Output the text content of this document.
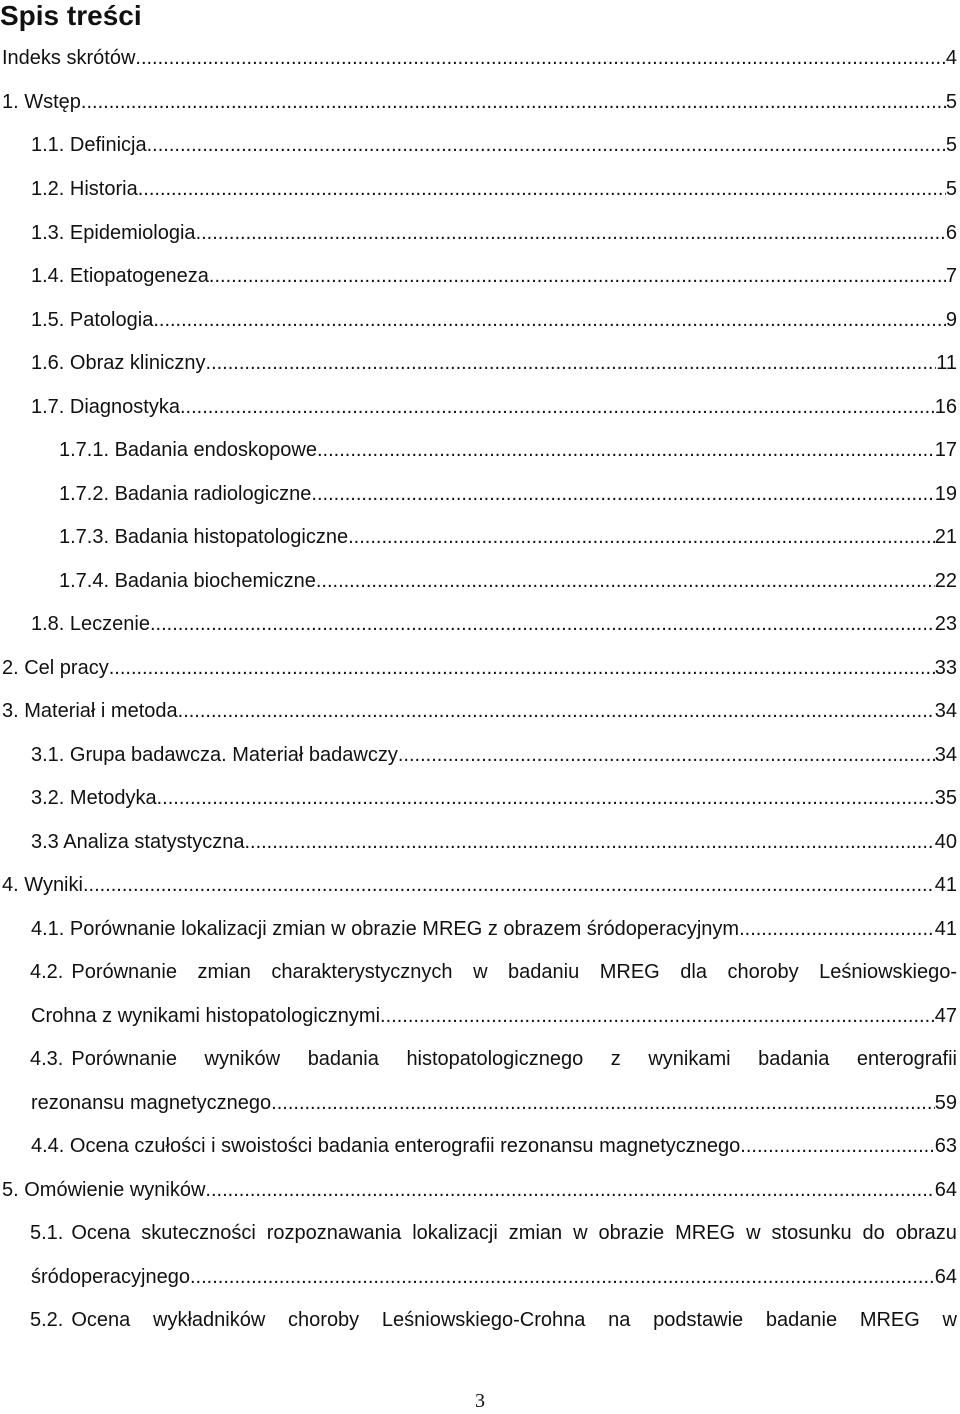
Spis treści
Indeks skrótów .....	4
1. Wstęp .....	5
1.1. Definicja .....	5
1.2. Historia .....	5
1.3. Epidemiologia .....	6
1.4. Etiopatogeneza .....	7
1.5. Patologia .....	9
1.6. Obraz kliniczny .....	11
1.7. Diagnostyka .....	16
1.7.1. Badania endoskopowe .....	17
1.7.2. Badania radiologiczne .....	19
1.7.3. Badania histopatologiczne .....	21
1.7.4. Badania biochemiczne .....	22
1.8. Leczenie .....	23
2. Cel pracy .....	33
3. Materiał i metoda .....	34
3.1. Grupa badawcza. Materiał badawczy .....	34
3.2. Metodyka .....	35
3.3 Analiza statystyczna .....	40
4. Wyniki .....	41
4.1. Porównanie lokalizacji zmian w obrazie MREG z obrazem śródoperacyjnym .....	41
4.2. Porównanie zmian charakterystycznych w badaniu MREG dla choroby Leśniowskiego-
Crohna z wynikami histopatologicznymi .....	47
4.3. Porównanie wyników badania histopatologicznego z wynikami badania enterografii
rezonansu magnetycznego .....	59
4.4. Ocena czułości i swoistości badania enterografii rezonansu magnetycznego .....	63
5. Omówienie wyników .....	64
5.1. Ocena skuteczności rozpoznawania lokalizacji zmian w obrazie MREG w stosunku do obrazu
śródoperacyjnego .....	64
5.2. Ocena wykładników choroby Leśniowskiego-Crohna na podstawie badanie MREG w
3
